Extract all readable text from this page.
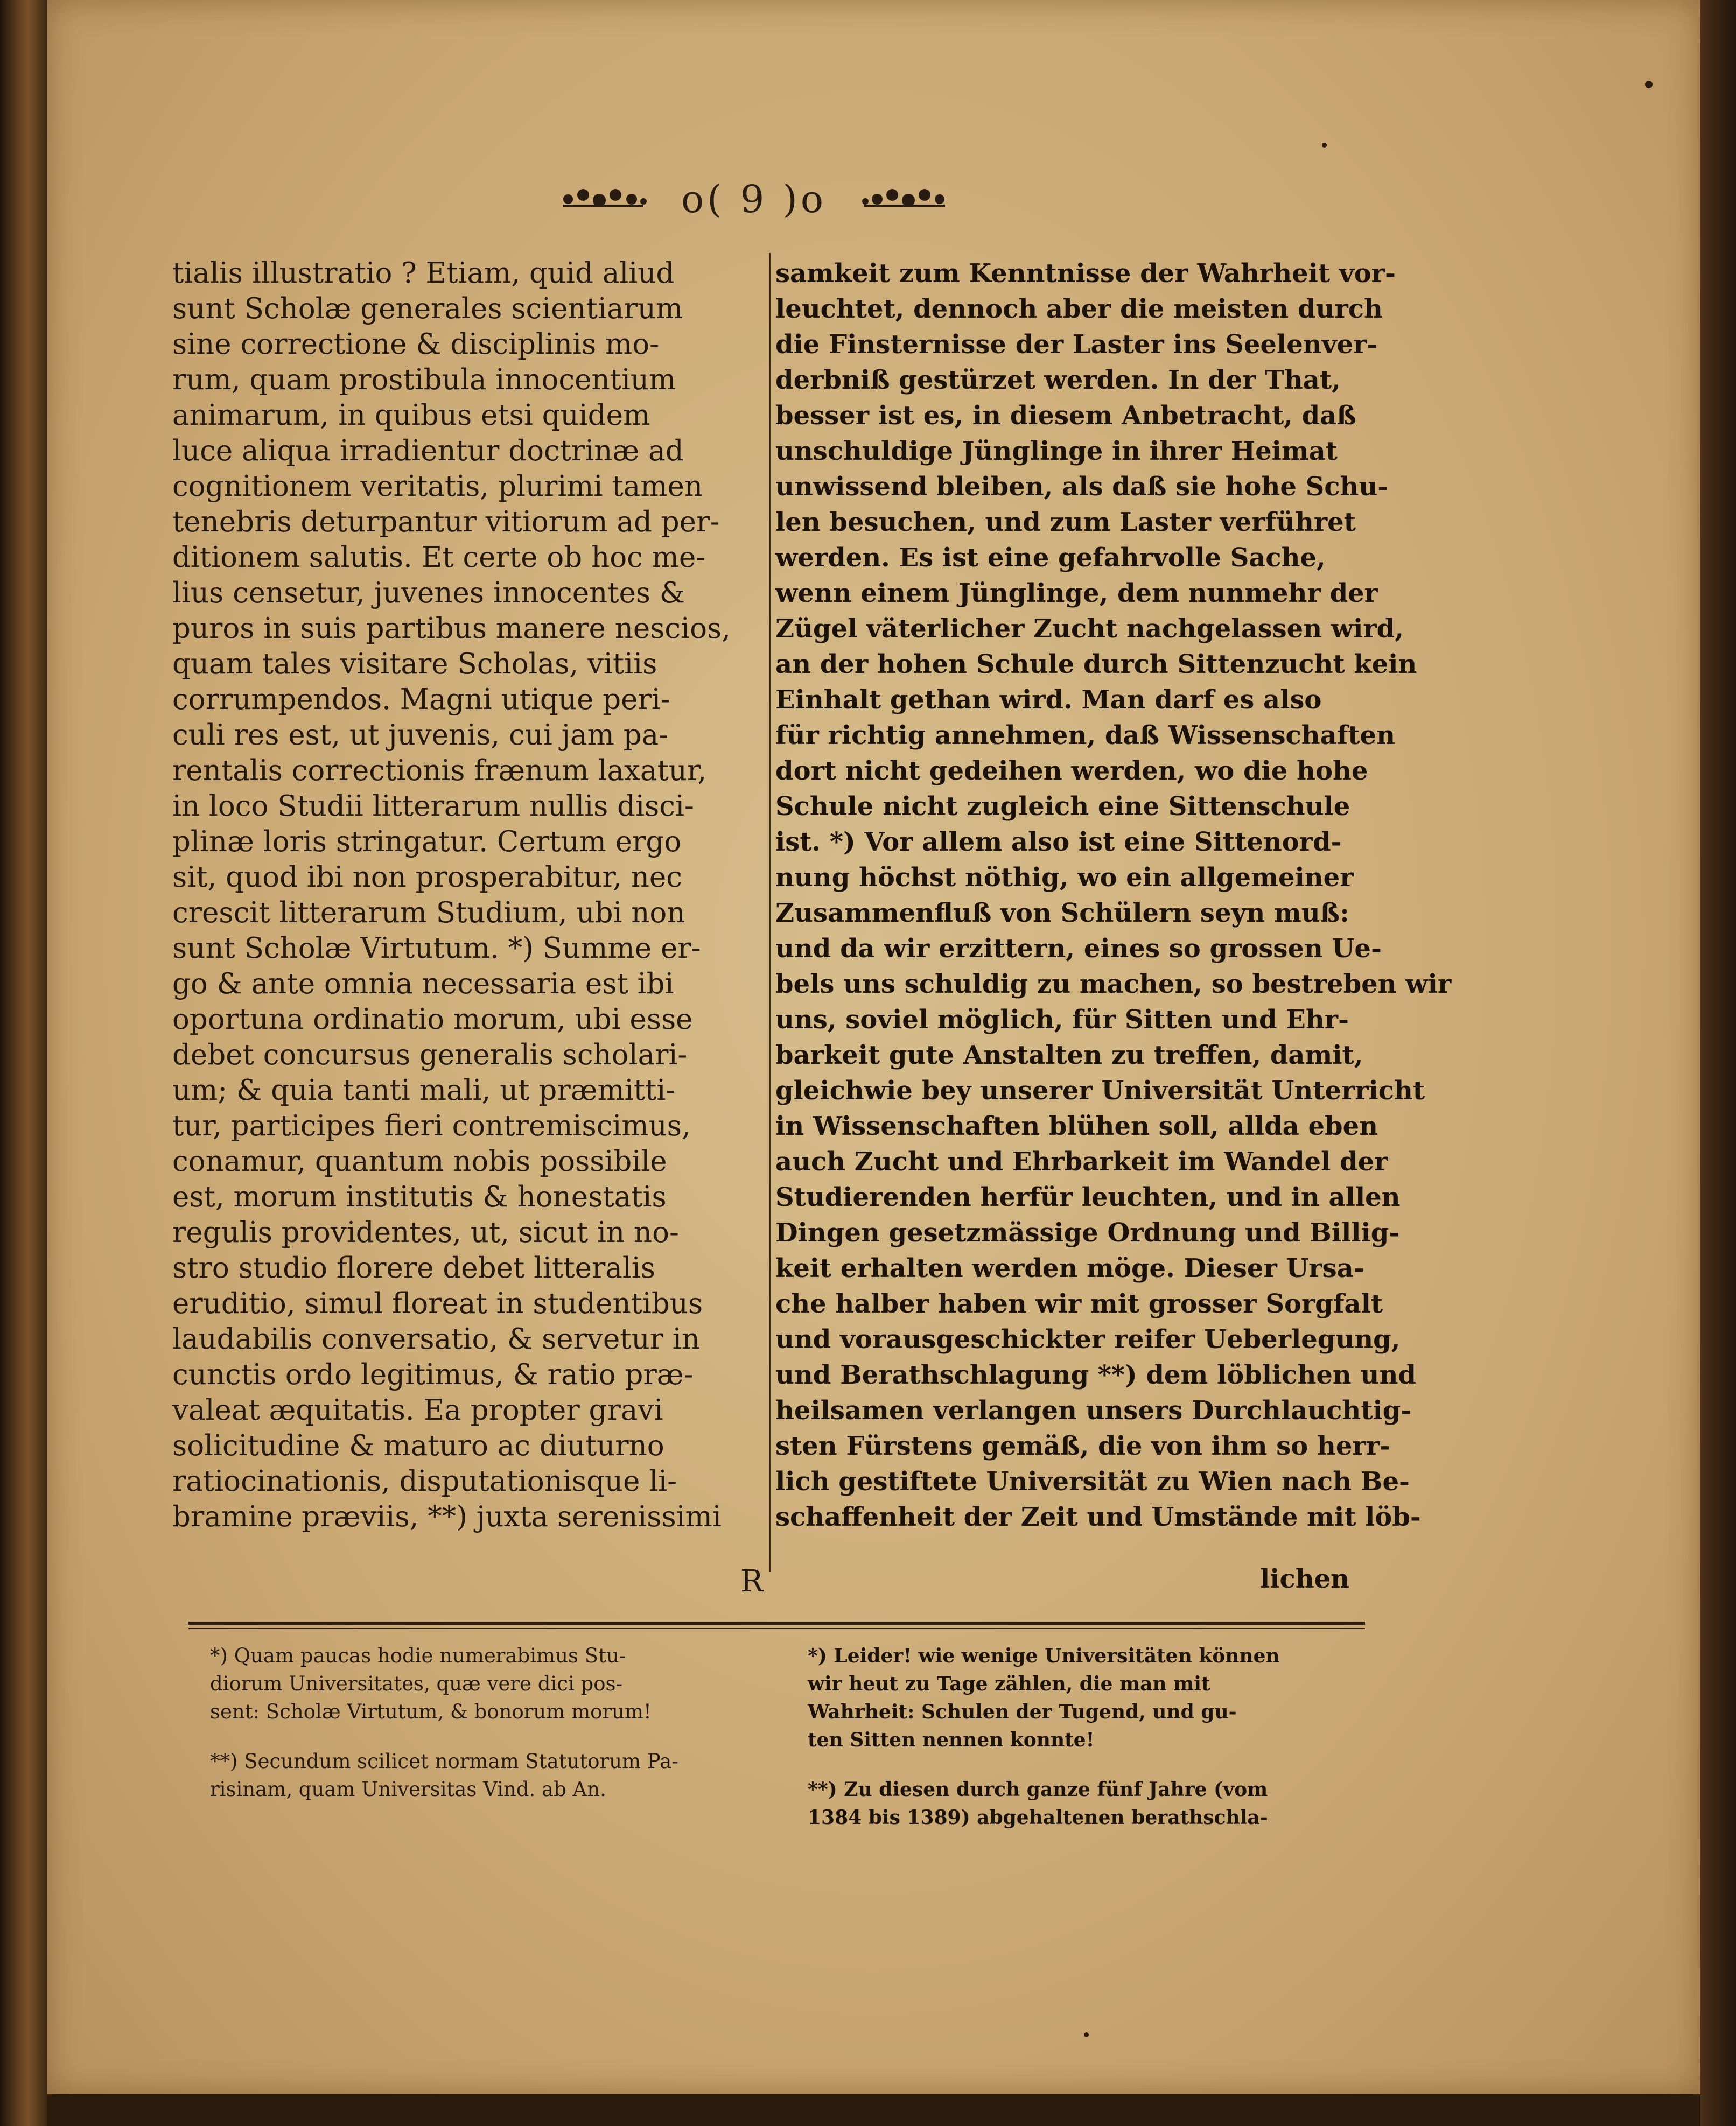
o( 9 )o
tialis illustratio ? Etiam, quid aliud
sunt Scholæ generales scientiarum
sine correctione & disciplinis mo-
rum, quam prostibula innocentium
animarum, in quibus etsi quidem
luce aliqua irradientur doctrinæ ad
cognitionem veritatis, plurimi tamen
tenebris deturpantur vitiorum ad per-
ditionem salutis. Et certe ob hoc me-
lius censetur, juvenes innocentes &
puros in suis partibus manere nescios,
quam tales visitare Scholas, vitiis
corrumpendos. Magni utique peri-
culi res est, ut juvenis, cui jam pa-
rentalis correctionis frænum laxatur,
in loco Studii litterarum nullis disci-
plinæ loris stringatur. Certum ergo
sit, quod ibi non prosperabitur, nec
crescit litterarum Studium, ubi non
sunt Scholæ Virtutum. *) Summe er-
go & ante omnia necessaria est ibi
oportuna ordinatio morum, ubi esse
debet concursus generalis scholari-
um; & quia tanti mali, ut præmitti-
tur, participes fieri contremiscimus,
conamur, quantum nobis possibile
est, morum institutis & honestatis
regulis providentes, ut, sicut in no-
stro studio florere debet litteralis
eruditio, simul floreat in studentibus
laudabilis conversatio, & servetur in
cunctis ordo legitimus, & ratio præ-
valeat æquitatis. Ea propter gravi
solicitudine & maturo ac diuturno
ratiocinationis, disputationisque li-
bramine præviis, **) juxta serenissimi
samkeit zum Kenntnisse der Wahrheit vor-
leuchtet, dennoch aber die meisten durch
die Finsternisse der Laster ins Seelenver-
derbniß gestürzet werden. In der That,
besser ist es, in diesem Anbetracht, daß
unschuldige Jünglinge in ihrer Heimat
unwissend bleiben, als daß sie hohe Schu-
len besuchen, und zum Laster verführet
werden. Es ist eine gefahrvolle Sache,
wenn einem Jünglinge, dem nunmehr der
Zügel väterlicher Zucht nachgelassen wird,
an der hohen Schule durch Sittenzucht kein
Einhalt gethan wird. Man darf es also
für richtig annehmen, daß Wissenschaften
dort nicht gedeihen werden, wo die hohe
Schule nicht zugleich eine Sittenschule
ist. *) Vor allem also ist eine Sittenord-
nung höchst nöthig, wo ein allgemeiner
Zusammenfluß von Schülern seyn muß:
und da wir erzittern, eines so grossen Ue-
bels uns schuldig zu machen, so bestreben wir
uns, soviel möglich, für Sitten und Ehr-
barkeit gute Anstalten zu treffen, damit,
gleichwie bey unserer Universität Unterricht
in Wissenschaften blühen soll, allda eben
auch Zucht und Ehrbarkeit im Wandel der
Studierenden herfür leuchten, und in allen
Dingen gesetzmässige Ordnung und Billig-
keit erhalten werden möge. Dieser Ursa-
che halber haben wir mit grosser Sorgfalt
und vorausgeschickter reifer Ueberlegung,
und Berathschlagung **) dem löblichen und
heilsamen verlangen unsers Durchlauchtig-
sten Fürstens gemäß, die von ihm so herr-
lich gestiftete Universität zu Wien nach Be-
schaffenheit der Zeit und Umstände mit löb-
R	lichen
*) Quam paucas hodie numerabimus Stu-
diorum Universitates, quæ vere dici pos-
sent: Scholæ Virtutum, & bonorum morum!
**) Secundum scilicet normam Statutorum Pa-
risinam, quam Universitas Vind. ab An.
*) Leider! wie wenige Universitäten können
wir heut zu Tage zählen, die man mit
Wahrheit: Schulen der Tugend, und gu-
ten Sitten nennen konnte!
**) Zu diesen durch ganze fünf Jahre (vom
1384 bis 1389) abgehaltenen berathschla-
